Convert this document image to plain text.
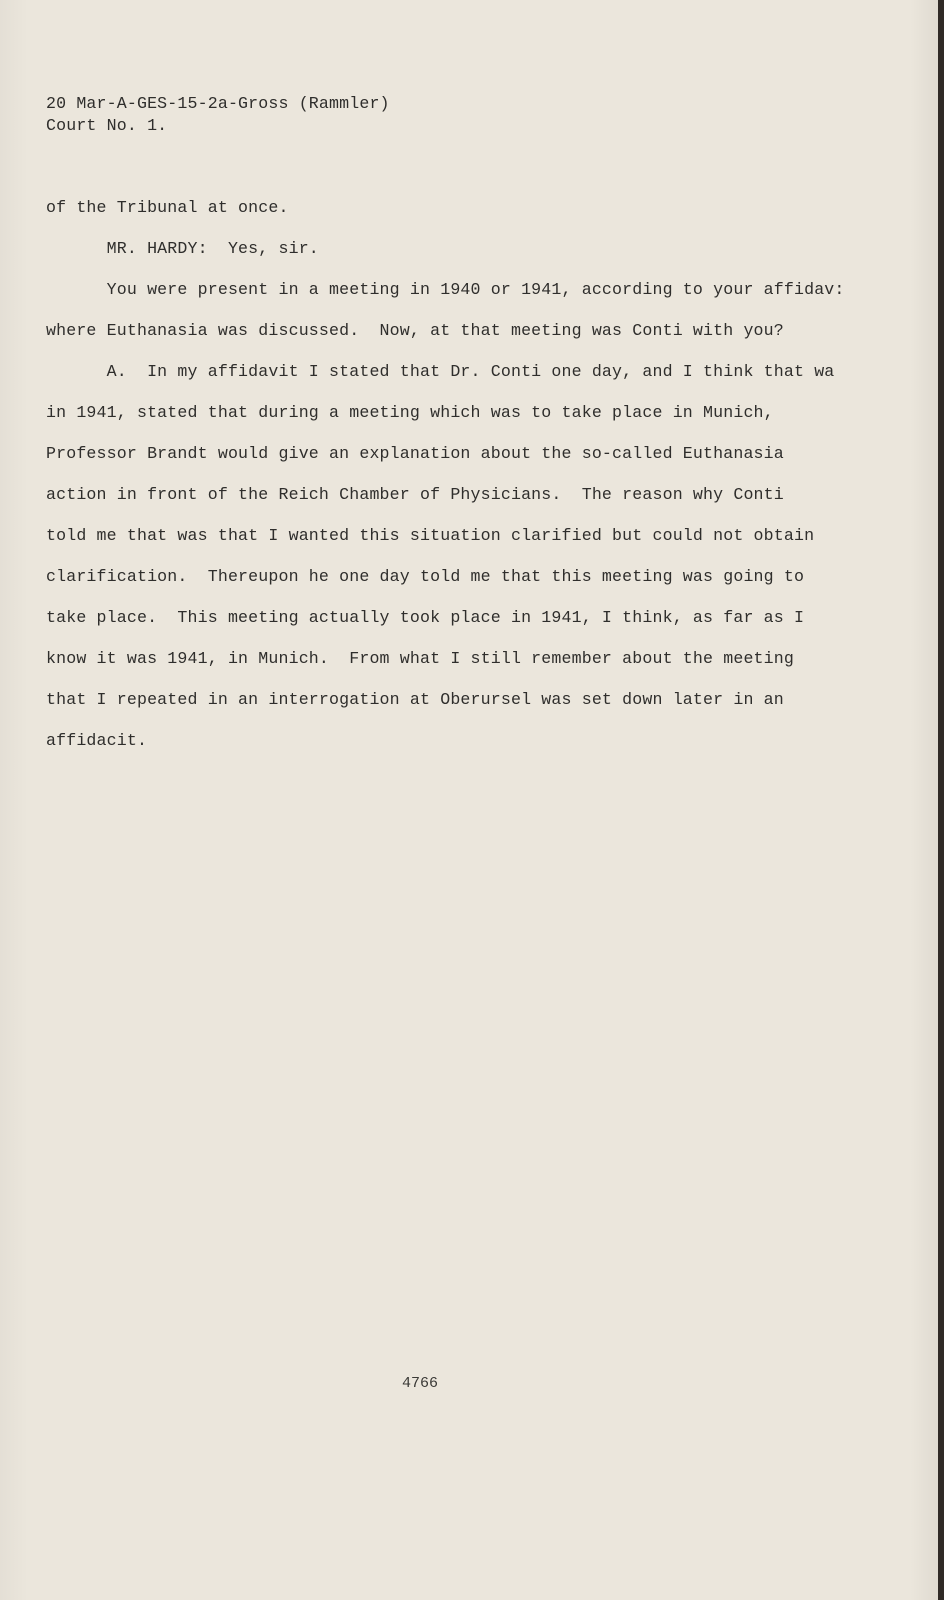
20 Mar-A-GES-15-2a-Gross (Rammler)

Court No. 1.

of the Tribunal at once.

MR. HARDY:  Yes, sir.

You were present in a meeting in 1940 or 1941, according to your affidav:

where Euthanasia was discussed.  Now, at that meeting was Conti with you?

A.  In my affidavit I stated that Dr. Conti one day, and I think that wa

in 1941, stated that during a meeting which was to take place in Munich,

Professor Brandt would give an explanation about the so-called Euthanasia

action in front of the Reich Chamber of Physicians.  The reason why Conti

told me that was that I wanted this situation clarified but could not obtain

clarification.  Thereupon he one day told me that this meeting was going to

take place.  This meeting actually took place in 1941, I think, as far as I

know it was 1941, in Munich.  From what I still remember about the meeting

that I repeated in an interrogation at Oberursel was set down later in an

affidacit.

4766
